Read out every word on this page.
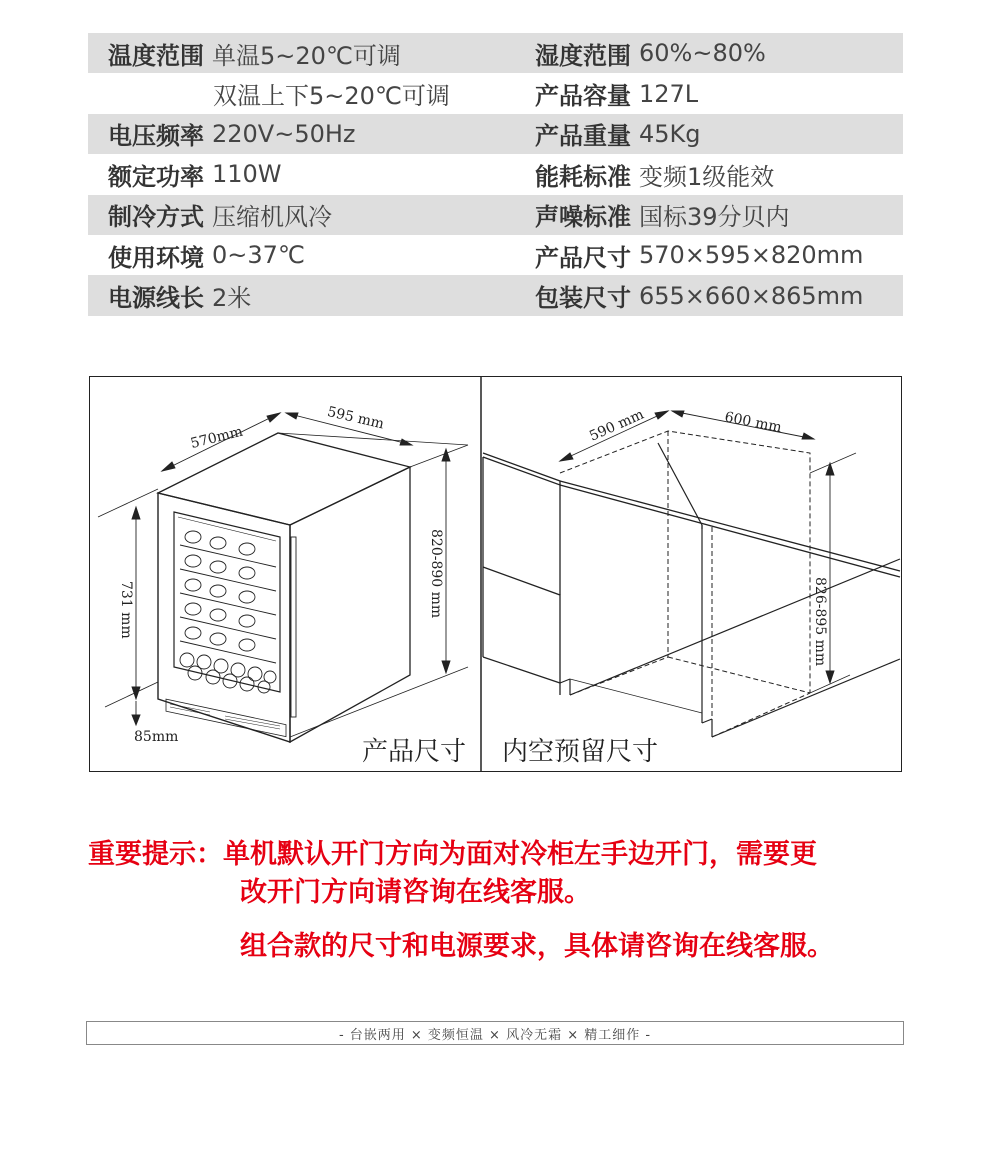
温度范围 单温5~20℃可调	湿度范围 60%~80%
双温上下5~20℃可调	产品容量 127L
电压频率 220V~50Hz	产品重量 45Kg
额定功率 110W	能耗标准 变频1级能效
制冷方式 压缩机风冷	声噪标准 国标39分贝内
使用环境 0~37℃	产品尺寸 570×595×820mm
电源线长 2米	包装尺寸 655×660×865mm
570mm
595 mm
820-890 mm
731 mm
85mm
590 mm	600 mm
826-895 mm
产品尺寸 内空预留尺寸
重要提示：单机默认开门方向为面对冷柜左手边开门，需要更
改开门方向请咨询在线客服。
组合款的尺寸和电源要求，具体请咨询在线客服。
- 台嵌两用 × 变频恒温 × 风冷无霜 × 精工细作 -
